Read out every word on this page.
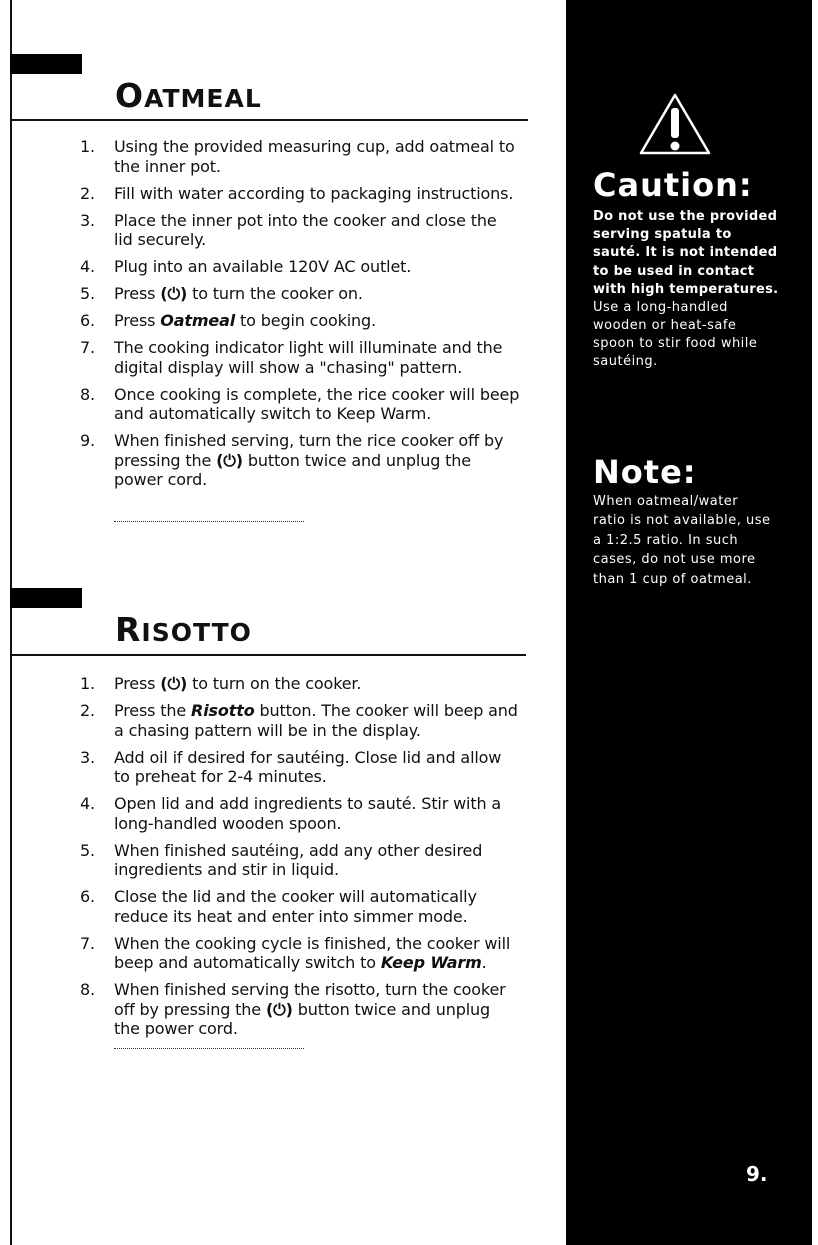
OATMEAL
1. Using the provided measuring cup, add oatmeal to the inner pot.
2. Fill with water according to packaging instructions.
3. Place the inner pot into the cooker and close the lid securely.
4. Plug into an available 120V AC outlet.
5. Press (⏻) to turn the cooker on.
6. Press Oatmeal to begin cooking.
7. The cooking indicator light will illuminate and the digital display will show a "chasing" pattern.
8. Once cooking is complete, the rice cooker will beep and automatically switch to Keep Warm.
9. When finished serving, turn the rice cooker off by pressing the (⏻) button twice and unplug the power cord.
RISOTTO
1. Press (⏻) to turn on the cooker.
2. Press the Risotto button. The cooker will beep and a chasing pattern will be in the display.
3. Add oil if desired for sautéing. Close lid and allow to preheat for 2-4 minutes.
4. Open lid and add ingredients to sauté. Stir with a long-handled wooden spoon.
5. When finished sautéing, add any other desired ingredients and stir in liquid.
6. Close the lid and the cooker will automatically reduce its heat and enter into simmer mode.
7. When the cooking cycle is finished, the cooker will beep and automatically switch to Keep Warm.
8. When finished serving the risotto, turn the cooker off by pressing the (⏻) button twice and unplug the power cord.
Caution:
Do not use the provided serving spatula to sauté. It is not intended to be used in contact with high temperatures.
Use a long-handled wooden or heat-safe spoon to stir food while sautéing.
Note:
When oatmeal/water ratio is not available, use a 1:2.5 ratio. In such cases, do not use more than 1 cup of oatmeal.
9.
